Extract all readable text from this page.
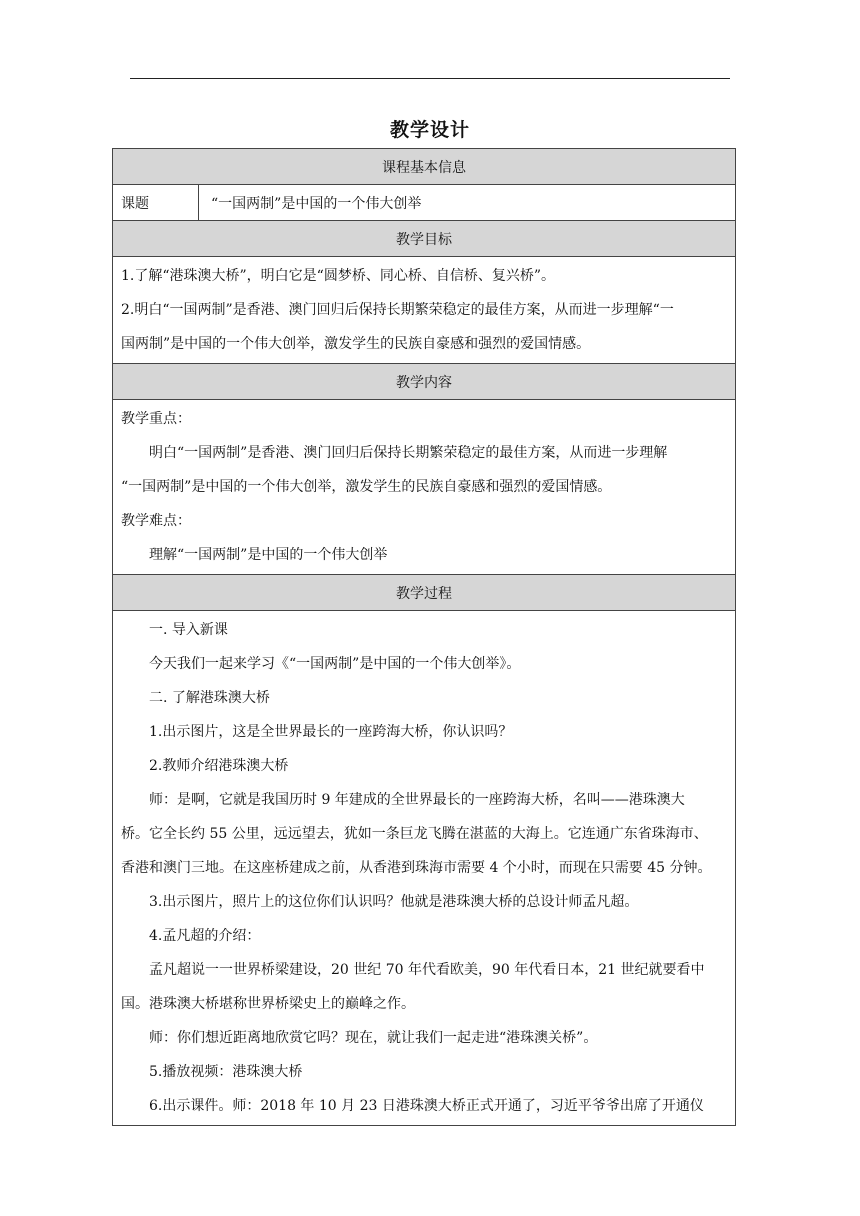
教学设计
课程基本信息
课题	“一国两制”是中国的一个伟大创举
教学目标

1.了解“港珠澳大桥”，明白它是“圆梦桥、同心桥、自信桥、复兴桥”。
2.明白“一国两制”是香港、澳门回归后保持长期繁荣稳定的最佳方案，从而进一步理解“一
国两制”是中国的一个伟大创举，激发学生的民族自豪感和强烈的爱国情感。

教学内容

教学重点：
明白“一国两制”是香港、澳门回归后保持长期繁荣稳定的最佳方案，从而进一步理解
“一国两制”是中国的一个伟大创举，激发学生的民族自豪感和强烈的爱国情感。
教学难点：
理解“一国两制”是中国的一个伟大创举

教学过程

一. 导入新课
今天我们一起来学习《“一国两制”是中国的一个伟大创举》。
二. 了解港珠澳大桥
1.出示图片，这是全世界最长的一座跨海大桥，你认识吗？
2.教师介绍港珠澳大桥
师：是啊，它就是我国历时 9 年建成的全世界最长的一座跨海大桥，名叫——港珠澳大
桥。它全长约 55 公里，远远望去，犹如一条巨龙飞腾在湛蓝的大海上。它连通广东省珠海市、
香港和澳门三地。在这座桥建成之前，从香港到珠海市需要 4 个小时，而现在只需要 45 分钟。
3.出示图片，照片上的这位你们认识吗？他就是港珠澳大桥的总设计师孟凡超。
4.孟凡超的介绍：
孟凡超说一一世界桥梁建设，20 世纪 70 年代看欧美，90 年代看日本，21 世纪就要看中
国。港珠澳大桥堪称世界桥梁史上的巅峰之作。
师：你们想近距离地欣赏它吗？现在，就让我们一起走进“港珠澳关桥”。
5.播放视频：港珠澳大桥
6.出示课件。师：2018 年 10 月 23 日港珠澳大桥正式开通了，习近平爷爷出席了开通仪
